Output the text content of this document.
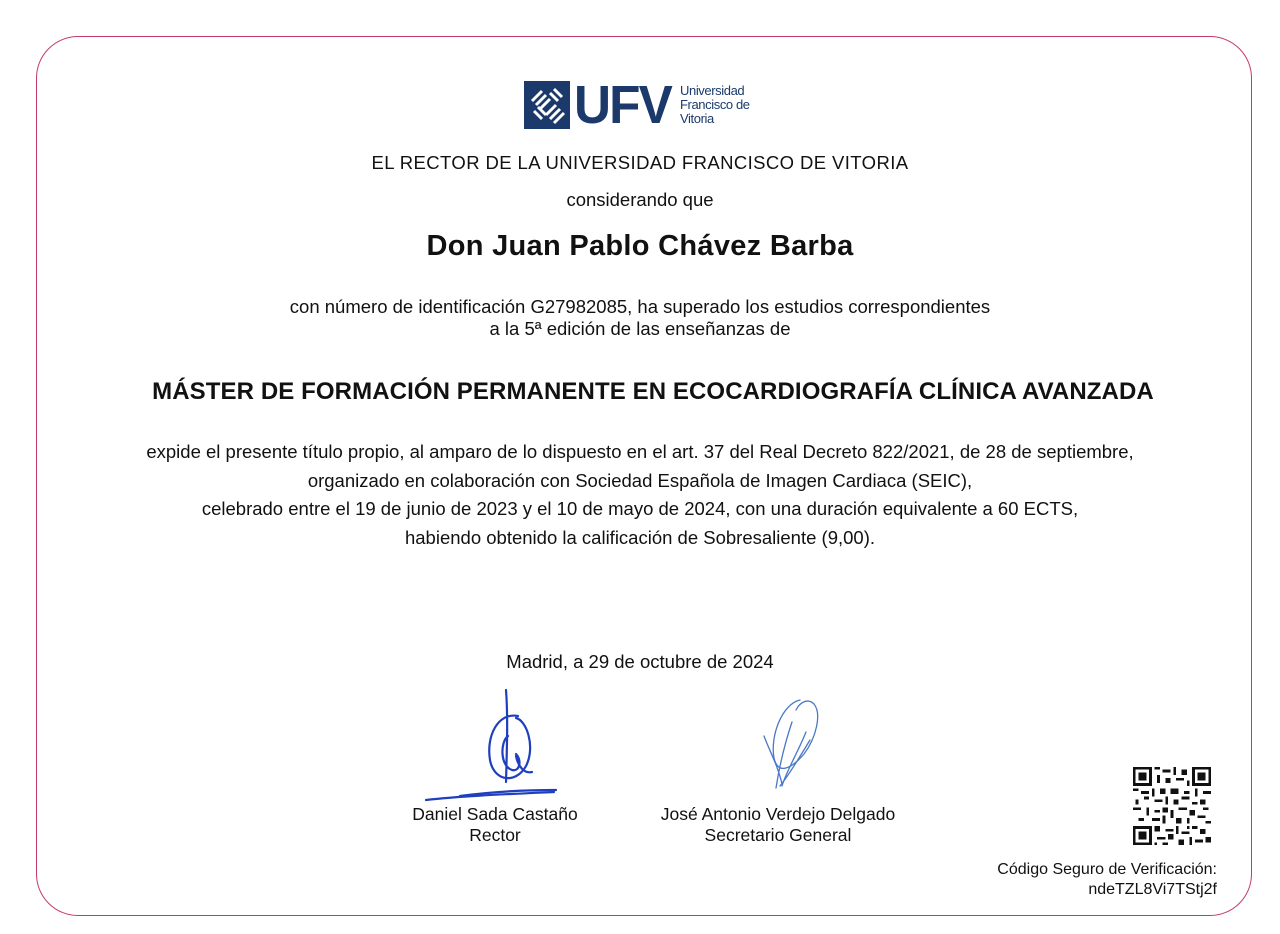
UFV Universidad
Francisco de
Vitoria
EL RECTOR DE LA UNIVERSIDAD FRANCISCO DE VITORIA
considerando que
Don Juan Pablo Chávez Barba
con número de identificación G27982085, ha superado los estudios correspondientes
a la 5ª edición de las enseñanzas de
MÁSTER DE FORMACIÓN PERMANENTE EN ECOCARDIOGRAFÍA CLÍNICA AVANZADA
expide el presente título propio, al amparo de lo dispuesto en el art. 37 del Real Decreto 822/2021, de 28 de septiembre,
organizado en colaboración con Sociedad Española de Imagen Cardiaca (SEIC),
celebrado entre el 19 de junio de 2023 y el 10 de mayo de 2024, con una duración equivalente a 60 ECTS,
habiendo obtenido la calificación de Sobresaliente (9,00).
Madrid, a 29 de octubre de 2024
Daniel Sada Castaño
Rector
José Antonio Verdejo Delgado
Secretario General
Código Seguro de Verificación:
ndeTZL8Vi7TStj2f
